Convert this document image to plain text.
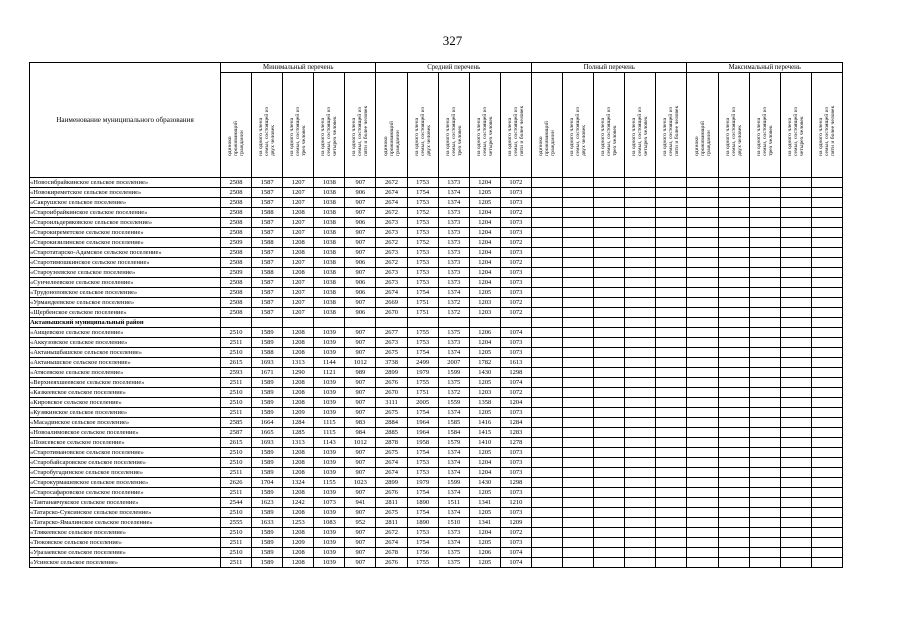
327
Наименование муниципального образования	Минимальный перечень					Средний перечень					Полный перечень					Максимальный перечень				

	одиноко
проживающий
гражданин	на одного члена
семьи, состоящей из
двух человек	на одного члена
семьи, состоящей из
трех человек	на одного члена
семьи, состоящей из
четырех человек	на одного члена
семьи, состоящей из
пяти и более человек	одиноко
проживающий
гражданин	на одного члена
семьи, состоящей из
двух человек	на одного члена
семьи, состоящей из
трех человек	на одного члена
семьи, состоящей из
четырех человек	на одного члена
семьи, состоящей из
пяти и более человек	одиноко
проживающий
гражданин	на одного члена
семьи, состоящей из
двух человек	на одного члена
семьи, состоящей из
трех человек	на одного члена
семьи, состоящей из
четырех человек	на одного члена
семьи, состоящей из
пяти и более человек	одиноко
проживающий
гражданин	на одного члена
семьи, состоящей из
двух человек	на одного члена
семьи, состоящей из
трех человек	на одного члена
семьи, состоящей из
четырех человек	на одного члена
семьи, состоящей из
пяти и более человек

«Новосибрайкинское сельское поселение»	2508	1587	1207	1038	907	2672	1753	1373	1204	1072										
«Новокиреметское сельское поселение»	2508	1587	1207	1038	906	2674	1754	1374	1205	1073										
«Сакрушское сельское поселение»	2508	1587	1207	1038	907	2674	1753	1374	1205	1073										
«Староибрайкинское сельское поселение»	2508	1588	1208	1038	907	2672	1752	1373	1204	1072										
«Староильдеряковское сельское поселение»	2508	1587	1207	1038	906	2673	1753	1373	1204	1073										
«Старокиреметское сельское поселение»	2508	1587	1207	1038	907	2673	1753	1373	1204	1073										
«Старокизилинское сельское поселение»	2509	1588	1208	1038	907	2672	1752	1373	1204	1072										
«Старотатарско-Адамское сельское поселение»	2508	1587	1208	1038	907	2673	1753	1373	1204	1073										
«Старотимошкинское сельское поселение»	2508	1587	1207	1038	906	2672	1753	1373	1204	1072										
«Староузеевское сельское поселение»	2509	1588	1208	1038	907	2673	1753	1373	1204	1073										
«Сунчелеевское сельское поселение»	2508	1587	1207	1038	906	2673	1753	1373	1204	1073										
«Трудоноповское сельское поселение»	2508	1587	1207	1038	906	2674	1754	1374	1205	1073										
«Урмандеевское сельское поселение»	2508	1587	1207	1038	907	2669	1751	1372	1203	1072										
«Щербенское сельское поселение»	2508	1587	1207	1038	906	2670	1751	1372	1203	1072										
Актанышский муниципальный район																				
«Аищевское сельское поселение»	2510	1589	1208	1039	907	2677	1755	1375	1206	1074										
«Аккузовское сельское поселение»	2511	1589	1208	1039	907	2673	1753	1373	1204	1073										
«Актанышбашское сельское поселение»	2510	1588	1208	1039	907	2675	1754	1374	1205	1073										
«Актанышское сельское поселение»	2615	1693	1313	1144	1012	3738	2499	2007	1782	1613										
«Атясевское сельское поселение»	2593	1671	1290	1121	989	2899	1979	1599	1430	1298										
«Верхнеяхшеевское сельское поселение»	2511	1589	1208	1039	907	2676	1755	1375	1205	1074										
«Казкеевское сельское поселение»	2510	1589	1208	1039	907	2670	1751	1372	1203	1072										
«Кировское сельское поселение»	2510	1589	1208	1039	907	3111	2005	1559	1358	1204										
«Кузякинское сельское поселение»	2511	1589	1209	1039	907	2675	1754	1374	1205	1073										
«Масадинское сельское поселение»	2585	1664	1284	1115	983	2884	1964	1585	1416	1284										
«Новоалимовское сельское поселение»	2587	1665	1285	1115	984	2885	1964	1584	1415	1283										
«Поисевское сельское поселение»	2615	1693	1313	1143	1012	2878	1958	1579	1410	1278										
«Старотимановское сельское поселение»	2510	1589	1208	1039	907	2675	1754	1374	1205	1073										
«Старобайсаровское сельское поселение»	2510	1589	1208	1039	907	2674	1753	1374	1204	1073										
«Старобугадинское сельское поселение»	2511	1589	1208	1039	907	2674	1753	1374	1204	1073										
«Старокурмашевское сельское поселение»	2626	1704	1324	1155	1023	2899	1979	1599	1430	1298										
«Старосафаровское сельское поселение»	2511	1589	1208	1039	907	2676	1754	1374	1205	1073										
«Тавтанавчукское сельское поселение»	2544	1623	1242	1073	941	2811	1890	1511	1341	1210										
«Татарско-Суксинское сельское поселение»	2510	1589	1208	1039	907	2675	1754	1374	1205	1073										
«Татарско-Ямалинское сельское поселение»	2555	1633	1253	1083	952	2811	1890	1510	1341	1209										
«Тлякеевское сельское поселение»	2510	1589	1208	1039	907	2672	1753	1373	1204	1072										
«Тюковское сельское поселение»	2511	1589	1209	1039	907	2674	1754	1374	1205	1073										
«Уразаевское сельское поселение»	2510	1589	1208	1039	907	2678	1756	1375	1206	1074										
«Усинское сельское поселение»	2511	1589	1208	1039	907	2676	1755	1375	1205	1074										
